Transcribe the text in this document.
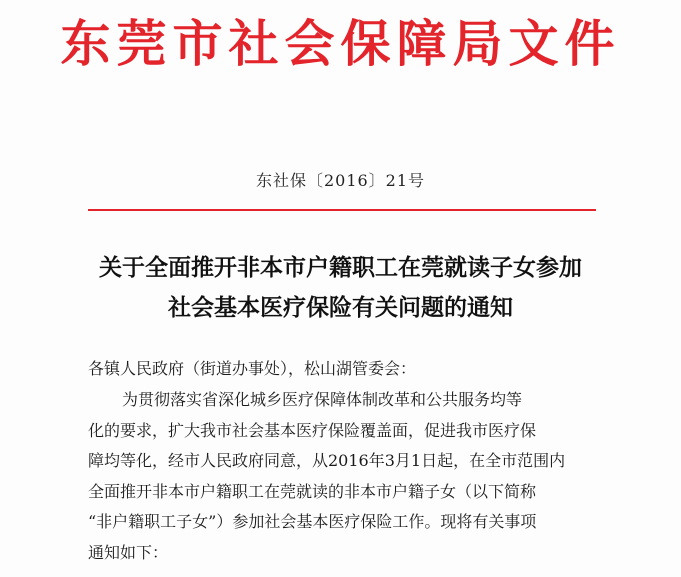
东莞市社会保障局文件
东社保〔2016〕21号
关于全面推开非本市户籍职工在莞就读子女参加
社会基本医疗保险有关问题的通知
各镇人民政府（街道办事处），松山湖管委会：
为贯彻落实省深化城乡医疗保障体制改革和公共服务均等
化的要求，扩大我市社会基本医疗保险覆盖面，促进我市医疗保
障均等化，经市人民政府同意，从2016年3月1日起，在全市范围内
全面推开非本市户籍职工在莞就读的非本市户籍子女（以下简称
“非户籍职工子女”）参加社会基本医疗保险工作。现将有关事项
通知如下：
